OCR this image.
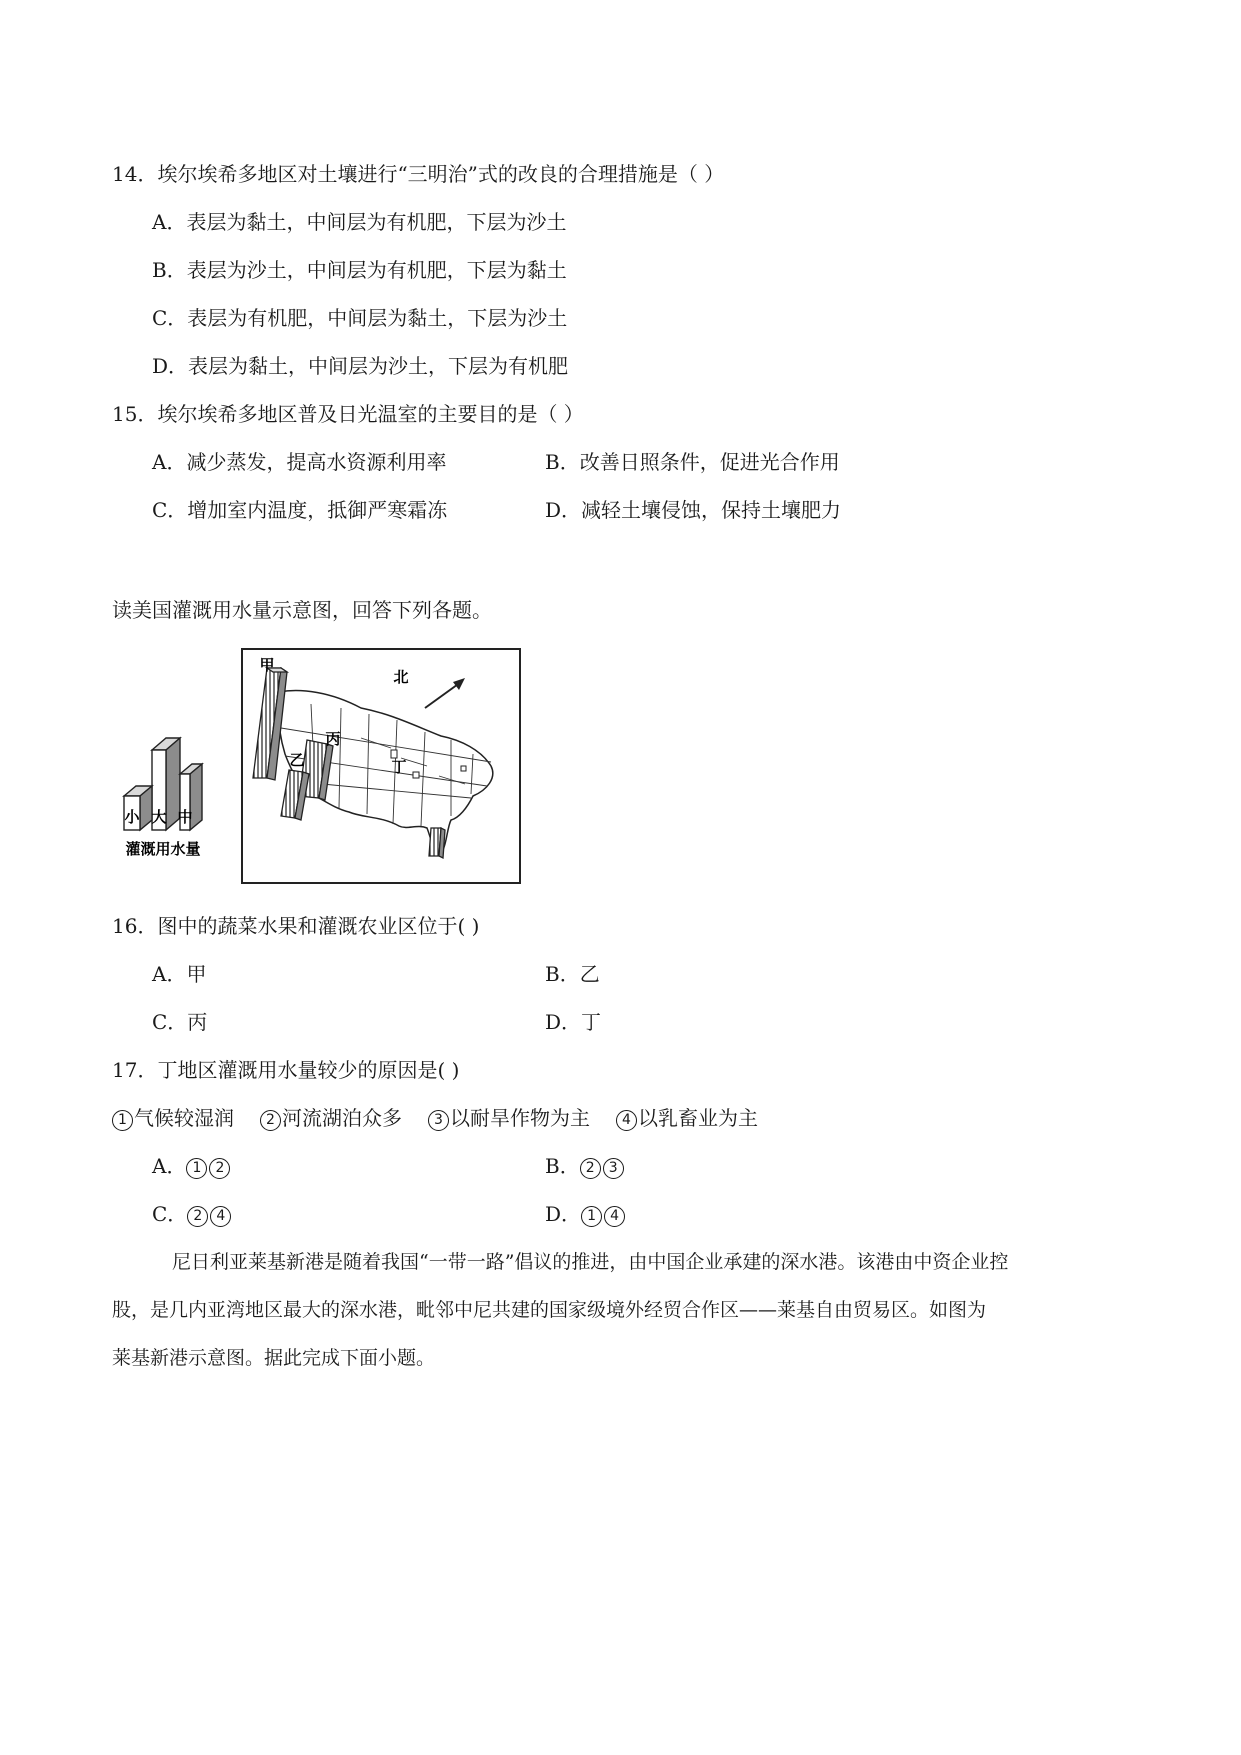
14．埃尔埃希多地区对土壤进行“三明治”式的改良的合理措施是（ ）
A．表层为黏土，中间层为有机肥，下层为沙土
B．表层为沙土，中间层为有机肥，下层为黏土
C．表层为有机肥，中间层为黏土，下层为沙土
D．表层为黏土，中间层为沙土，下层为有机肥
15．埃尔埃希多地区普及日光温室的主要目的是（ ）
A．减少蒸发，提高水资源利用率	B．改善日照条件，促进光合作用
C．增加室内温度，抵御严寒霜冻	D．减轻土壤侵蚀，保持土壤肥力
读美国灌溉用水量示意图，回答下列各题。
小 大 中
灌溉用水量
甲
乙
丙
丁
北
16．图中的蔬菜水果和灌溉农业区位于( )
A．甲	B．乙
C．丙	D．丁
17．丁地区灌溉用水量较少的原因是( )
1 气候较湿润 2 河流湖泊众多 3 以耐旱作物为主 4 以乳畜业为主
A． 1 2	B． 2 3
C． 2 4	D． 1 4
尼日利亚莱基新港是随着我国“一带一路”倡议的推进，由中国企业承建的深水港。该港由中资企业控
股，是几内亚湾地区最大的深水港，毗邻中尼共建的国家级境外经贸合作区——莱基自由贸易区。如图为
莱基新港示意图。据此完成下面小题。
